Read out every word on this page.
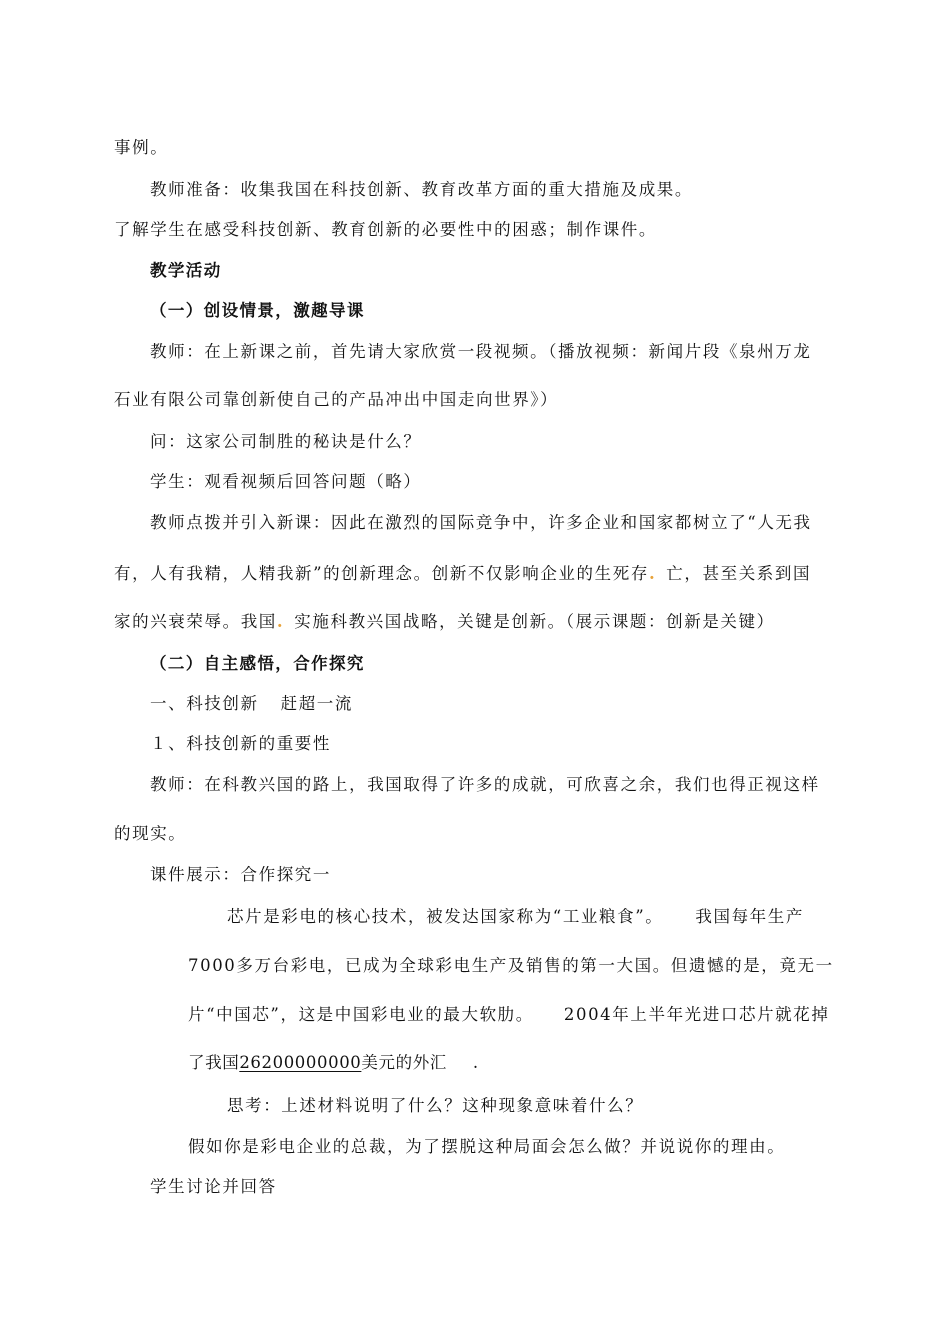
事例。
教师准备：收集我国在科技创新、教育改革方面的重大措施及成果。
了解学生在感受科技创新、教育创新的必要性中的困惑；制作课件。
教学活动
（一）创设情景，激趣导课
教师：在上新课之前，首先请大家欣赏一段视频。（播放视频：新闻片段《泉州万龙
石业有限公司靠创新使自己的产品冲出中国走向世界》）
问：这家公司制胜的秘诀是什么？
学生：观看视频后回答问题（略）
教师点拨并引入新课：因此在激烈的国际竞争中，许多企业和国家都树立了“人无我
有，人有我精，人精我新”的创新理念。创新不仅影响企业的生死存. 亡，甚至关系到国
家的兴衰荣辱。我国. 实施科教兴国战略，关键是创新。（展示课题：创新是关键）
（二）自主感悟，合作探究
一、科技创新 赶超一流
１、科技创新的重要性
教师：在科教兴国的路上，我国取得了许多的成就，可欣喜之余，我们也得正视这样
的现实。
课件展示：合作探究一
芯片是彩电的核心技术，被发达国家称为“工业粮食”。 我国每年生产
7000多万台彩电，已成为全球彩电生产及销售的第一大国。但遗憾的是，竟无一
片“中国芯”，这是中国彩电业的最大软肋。 2004年上半年光进口芯片就花掉
了我国26200000000美元的外汇 .
思考：上述材料说明了什么？这种现象意味着什么？
假如你是彩电企业的总裁，为了摆脱这种局面会怎么做？并说说你的理由。
学生讨论并回答
